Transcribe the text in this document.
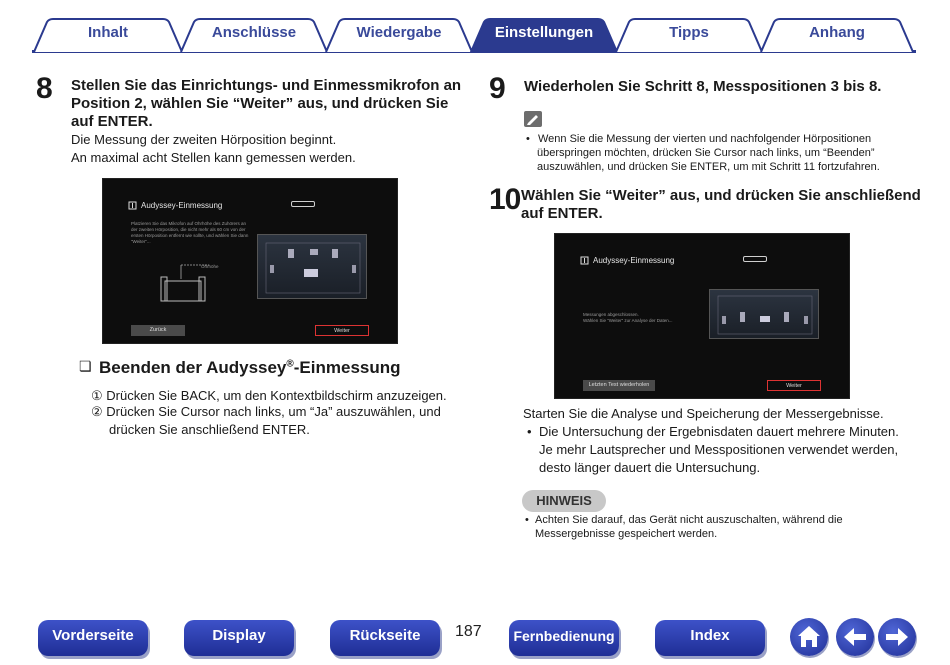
Inhalt	Anschlüsse	Wiedergabe	Einstellungen	Tipps	Anhang
8 Stellen Sie das Einrichtungs- und Einmessmikrofon an
Position 2, wählen Sie “Weiter” aus, und drücken Sie
auf ENTER.
Die Messung der zweiten Hörposition beginnt.
An maximal acht Stellen kann gemessen werden.
Audyssey-Einmessung
Platzieren Sie das Mikrofon auf Ohrhöhe des Zuhörers an
der zweiten Hörposition, die nicht mehr als 60 cm von der
ersten Hörposition entfernt wie sollte, und wählen Sie dann
“Weiter”...
Ohrhöhe
Zurück	Weiter
❏ Beenden der Audyssey®-Einmessung
① Drücken Sie BACK, um den Kontextbildschirm anzuzeigen.
② Drücken Sie Cursor nach links, um “Ja” auszuwählen, und
drücken Sie anschließend ENTER.
9 Wiederholen Sie Schritt 8, Messpositionen 3 bis 8.
• Wenn Sie die Messung der vierten und nachfolgender Hörpositionen
überspringen möchten, drücken Sie Cursor nach links, um “Beenden”
auszuwählen, und drücken Sie ENTER, um mit Schritt 11 fortzufahren.
10 Wählen Sie “Weiter” aus, und drücken Sie anschließend
auf ENTER.
Audyssey-Einmessung
Messungen abgeschlossen.
Wählen Sie “Weiter” zur Analyse der Daten...
Letzten Test wiederholen	Weiter
Starten Sie die Analyse und Speicherung der Messergebnisse.
• Die Untersuchung der Ergebnisdaten dauert mehrere Minuten.
Je mehr Lautsprecher und Messpositionen verwendet werden,
desto länger dauert die Untersuchung.
HINWEIS
• Achten Sie darauf, das Gerät nicht auszuschalten, während die
Messergebnisse gespeichert werden.
Vorderseite	Display	Rückseite	187	Fernbedienung	Index
